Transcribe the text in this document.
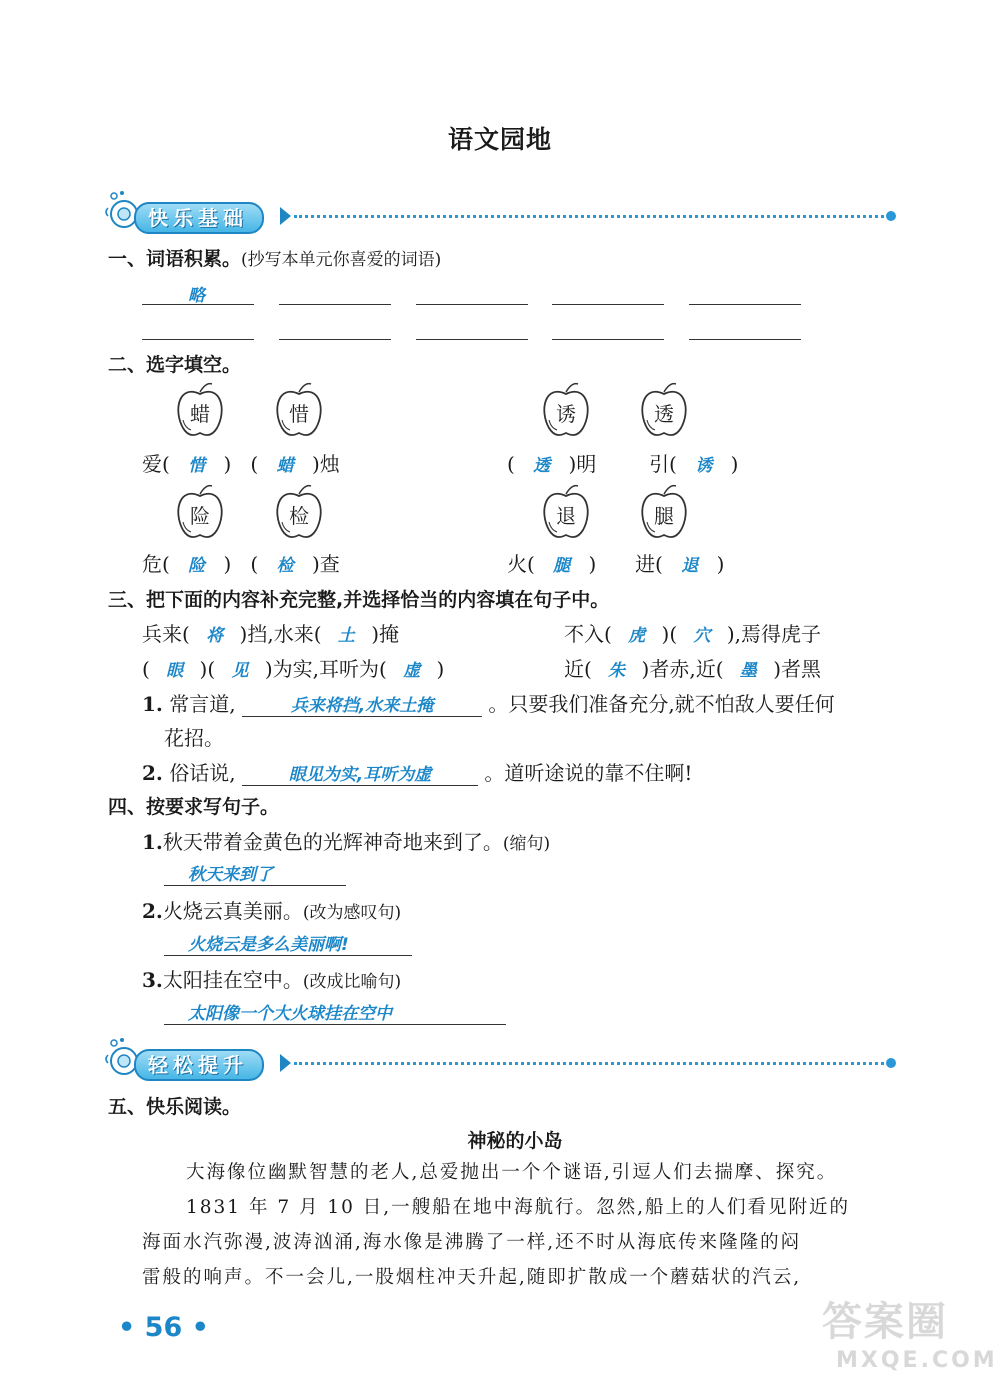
语文园地
快乐基础
一、词语积累。(抄写本单元你喜爱的词语)
略
二、选字填空。
蜡	惜	诱	透
爱( 惜 )   ( 蜡 )烛	( 透 )明	引( 诱 )
险	检	退	腿
危( 险 )   ( 检 )查	火( 腿 ) 进( 退 )
三、把下面的内容补充完整,并选择恰当的内容填在句子中。
兵来( 将 )挡,水来( 土 )掩	不入( 虎 )( 穴 ),焉得虎子
( 眼 )( 见 )为实,耳听为( 虚 )	近( 朱 )者赤,近( 墨 )者黑
1. 常言道,	兵来将挡,水来土掩	。只要我们准备充分,就不怕敌人要任何
花招。
2. 俗话说,	眼见为实,耳听为虚	。道听途说的靠不住啊!
四、按要求写句子。
1.秋天带着金黄色的光辉神奇地来到了。(缩句)
秋天来到了
2.火烧云真美丽。(改为感叹句)
火烧云是多么美丽啊!
3.太阳挂在空中。(改成比喻句)
太阳像一个大火球挂在空中
轻松提升
五、快乐阅读。
神秘的小岛
大海像位幽默智慧的老人,总爱抛出一个个谜语,引逗人们去揣摩、探究。
1831 年 7 月 10 日,一艘船在地中海航行。忽然,船上的人们看见附近的
海面水汽弥漫,波涛汹涌,海水像是沸腾了一样,还不时从海底传来隆隆的闷
雷般的响声。不一会儿,一股烟柱冲天升起,随即扩散成一个蘑菇状的汽云,
• 56 •	答案圈
MXQE.COM
